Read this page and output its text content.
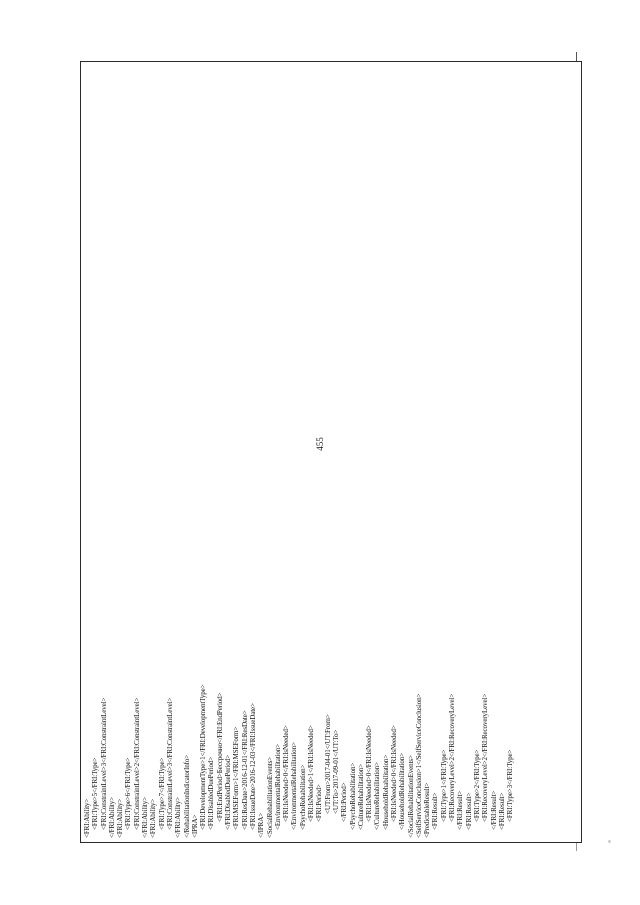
455
<FRI:Ability> <FRI:Type>5</FRI:Type> <FRI:ConstraintLevel>3</FRI:ConstraintLevel> </FRI:Ability> <FRI:Ability> <FRI:Type>6</FRI:Type> <FRI:ConstraintLevel>2</FRI:ConstraintLevel> </FRI:Ability> <FRI:Ability> <FRI:Type>7</FRI:Type> <FRI:ConstraintLevel>3</FRI:ConstraintLevel> </FRI:Ability> </RehabilitationIndicatorInfo> <IPRA> <FRI:DevelopmentType>1</FRI:DevelopmentType> <FRI:DisabledDuePeriod> <FRI:EndPeriod>Бессрочно</FRI:EndPeriod> </FRI:DisabledDuePeriod> <FRI:MSEForm>1</FRI:MSEForm> <FRI:ResDate>2016-12-01</FRI:ResDate> <FRI:IssueDate>2016-12-03</FRI:IssueDate> </IPRA> <SocialRehabilitationEvents> <EnvironmentalRehabilitation> <FRI:IsNeeded>0</FRI:IsNeeded> </EnvironmentalRehabilitation> <PsychoRehabilitation> <FRI:IsNeeded>1</FRI:IsNeeded> <FRI:Period> <UT:From>2017-04-01</UT:From> <UT:To>2017-09-01</UT:To> </FRI:Period> </PsychoRehabilitation> <CultureRehabilitation> <FRI:IsNeeded>0</FRI:IsNeeded> </CultureRehabilitation> <HouseholdRehabilitation> <FRI:IsNeeded>0</FRI:IsNeeded> </HouseholdRehabilitation> </SocialRehabilitationEvents> <SelfServiceConclusion>1</SelfServiceConclusion> <PredictableResult> <FRI:Result> <FRI:Type>1</FRI:Type> <FRI:RecoveryLevel>2</FRI:RecoveryLevel> </FRI:Result> <FRI:Result> <FRI:Type>2</FRI:Type> <FRI:RecoveryLevel>2</FRI:RecoveryLevel> </FRI:Result> <FRI:Result> <FRI:Type>3</FRI:Type>
